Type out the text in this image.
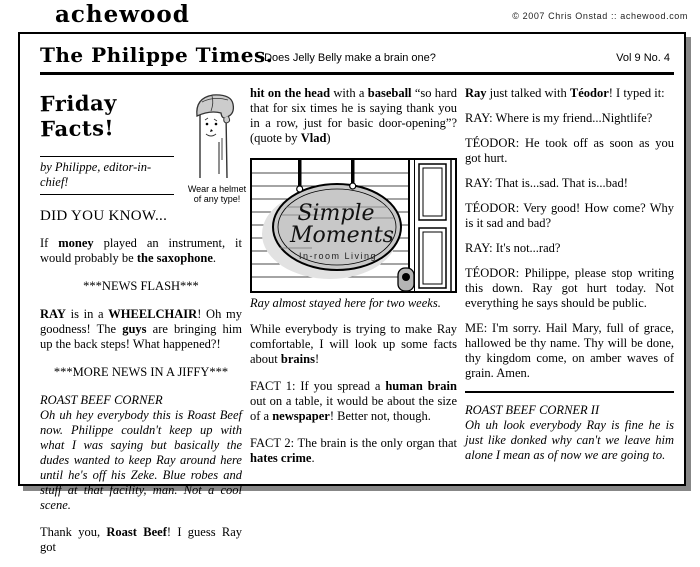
achewood	© 2007 Chris Onstad :: achewood.com
The Philippe Times.
Does Jelly Belly make a brain one?	Vol 9 No. 4
Friday Facts!
by Philippe, editor-in-chief!
DID YOU KNOW...
Wear a helmet of any type!

If money played an instrument, it would probably be the saxophone.

***NEWS FLASH***

RAY is in a WHEELCHAIR! Oh my goodness! The guys are bringing him up the back steps! What happened?!

***MORE NEWS IN A JIFFY***

ROAST BEEF CORNER

Oh uh hey everybody this is Roast Beef now. Philippe couldn't keep up with what I was saying but basically the dudes wanted to keep Ray around here until he's off his Zeke. Blue robes and stuff at that facility, man. Not a cool scene.

Thank you, Roast Beef! I guess Ray got

hit on the head with a baseball “so hard that for six times he is saying thank you in a row, just for basic door-opening”? (quote by Vlad)

Simple
Moments
In-room Living

Ray almost stayed here for two weeks.

While everybody is trying to make Ray comfortable, I will look up some facts about brains!

FACT 1: If you spread a human brain out on a table, it would be about the size of a newspaper! Better not, though.

FACT 2: The brain is the only organ that hates crime.

Ray just talked with Téodor! I typed it:

RAY: Where is my friend...Nightlife?

TÉODOR: He took off as soon as you got hurt.

RAY: That is...sad. That is...bad!

TÉODOR: Very good! How come? Why is it sad and bad?

RAY: It's not...rad?

TÉODOR: Philippe, please stop writing this down. Ray got hurt today. Not everything he says should be public.

ME: I'm sorry. Hail Mary, full of grace, hallowed be thy name. Thy will be done, thy kingdom come, on amber waves of grain. Amen.

ROAST BEEF CORNER II

Oh uh look everybody Ray is fine he is just like donked why can't we leave him alone I mean as of now we are going to.
